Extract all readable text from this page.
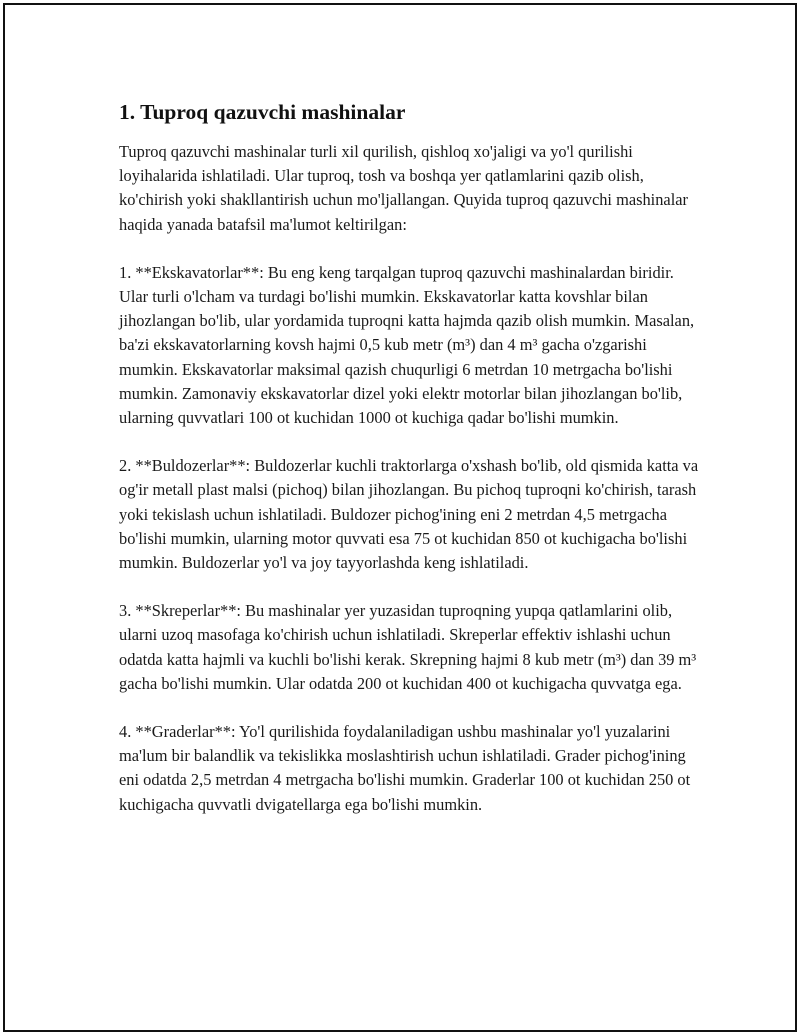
1. Tuproq qazuvchi mashinalar

Tuproq qazuvchi mashinalar turli xil qurilish, qishloq xo'jaligi va yo'l qurilishi loyihalarida ishlatiladi. Ular tuproq, tosh va boshqa yer qatlamlarini qazib olish, ko'chirish yoki shakllantirish uchun mo'ljallangan. Quyida tuproq qazuvchi mashinalar haqida yanada batafsil ma'lumot keltirilgan:

1. **Ekskavatorlar**: Bu eng keng tarqalgan tuproq qazuvchi mashinalardan biridir. Ular turli o'lcham va turdagi bo'lishi mumkin. Ekskavatorlar katta kovshlar bilan jihozlangan bo'lib, ular yordamida tuproqni katta hajmda qazib olish mumkin. Masalan, ba'zi ekskavatorlarning kovsh hajmi 0,5 kub metr (m³) dan 4 m³ gacha o'zgarishi mumkin. Ekskavatorlar maksimal qazish chuqurligi 6 metrdan 10 metrgacha bo'lishi mumkin. Zamonaviy ekskavatorlar dizel yoki elektr motorlar bilan jihozlangan bo'lib, ularning quvvatlari 100 ot kuchidan 1000 ot kuchiga qadar bo'lishi mumkin.

2. **Buldozerlar**: Buldozerlar kuchli traktorlarga o'xshash bo'lib, old qismida katta va og'ir metall plast malsi (pichoq) bilan jihozlangan. Bu pichoq tuproqni ko'chirish, tarash yoki tekislash uchun ishlatiladi. Buldozer pichog'ining eni 2 metrdan 4,5 metrgacha bo'lishi mumkin, ularning motor quvvati esa 75 ot kuchidan 850 ot kuchigacha bo'lishi mumkin. Buldozerlar yo'l va joy tayyorlashda keng ishlatiladi.

3. **Skreperlar**: Bu mashinalar yer yuzasidan tuproqning yupqa qatlamlarini olib, ularni uzoq masofaga ko'chirish uchun ishlatiladi. Skreperlar effektiv ishlashi uchun odatda katta hajmli va kuchli bo'lishi kerak. Skrepning hajmi 8 kub metr (m³) dan 39 m³ gacha bo'lishi mumkin. Ular odatda 200 ot kuchidan 400 ot kuchigacha quvvatga ega.

4. **Graderlar**: Yo'l qurilishida foydalaniladigan ushbu mashinalar yo'l yuzalarini ma'lum bir balandlik va tekislikka moslashtirish uchun ishlatiladi. Grader pichog'ining eni odatda 2,5 metrdan 4 metrgacha bo'lishi mumkin. Graderlar 100 ot kuchidan 250 ot kuchigacha quvvatli dvigatellarga ega bo'lishi mumkin.
